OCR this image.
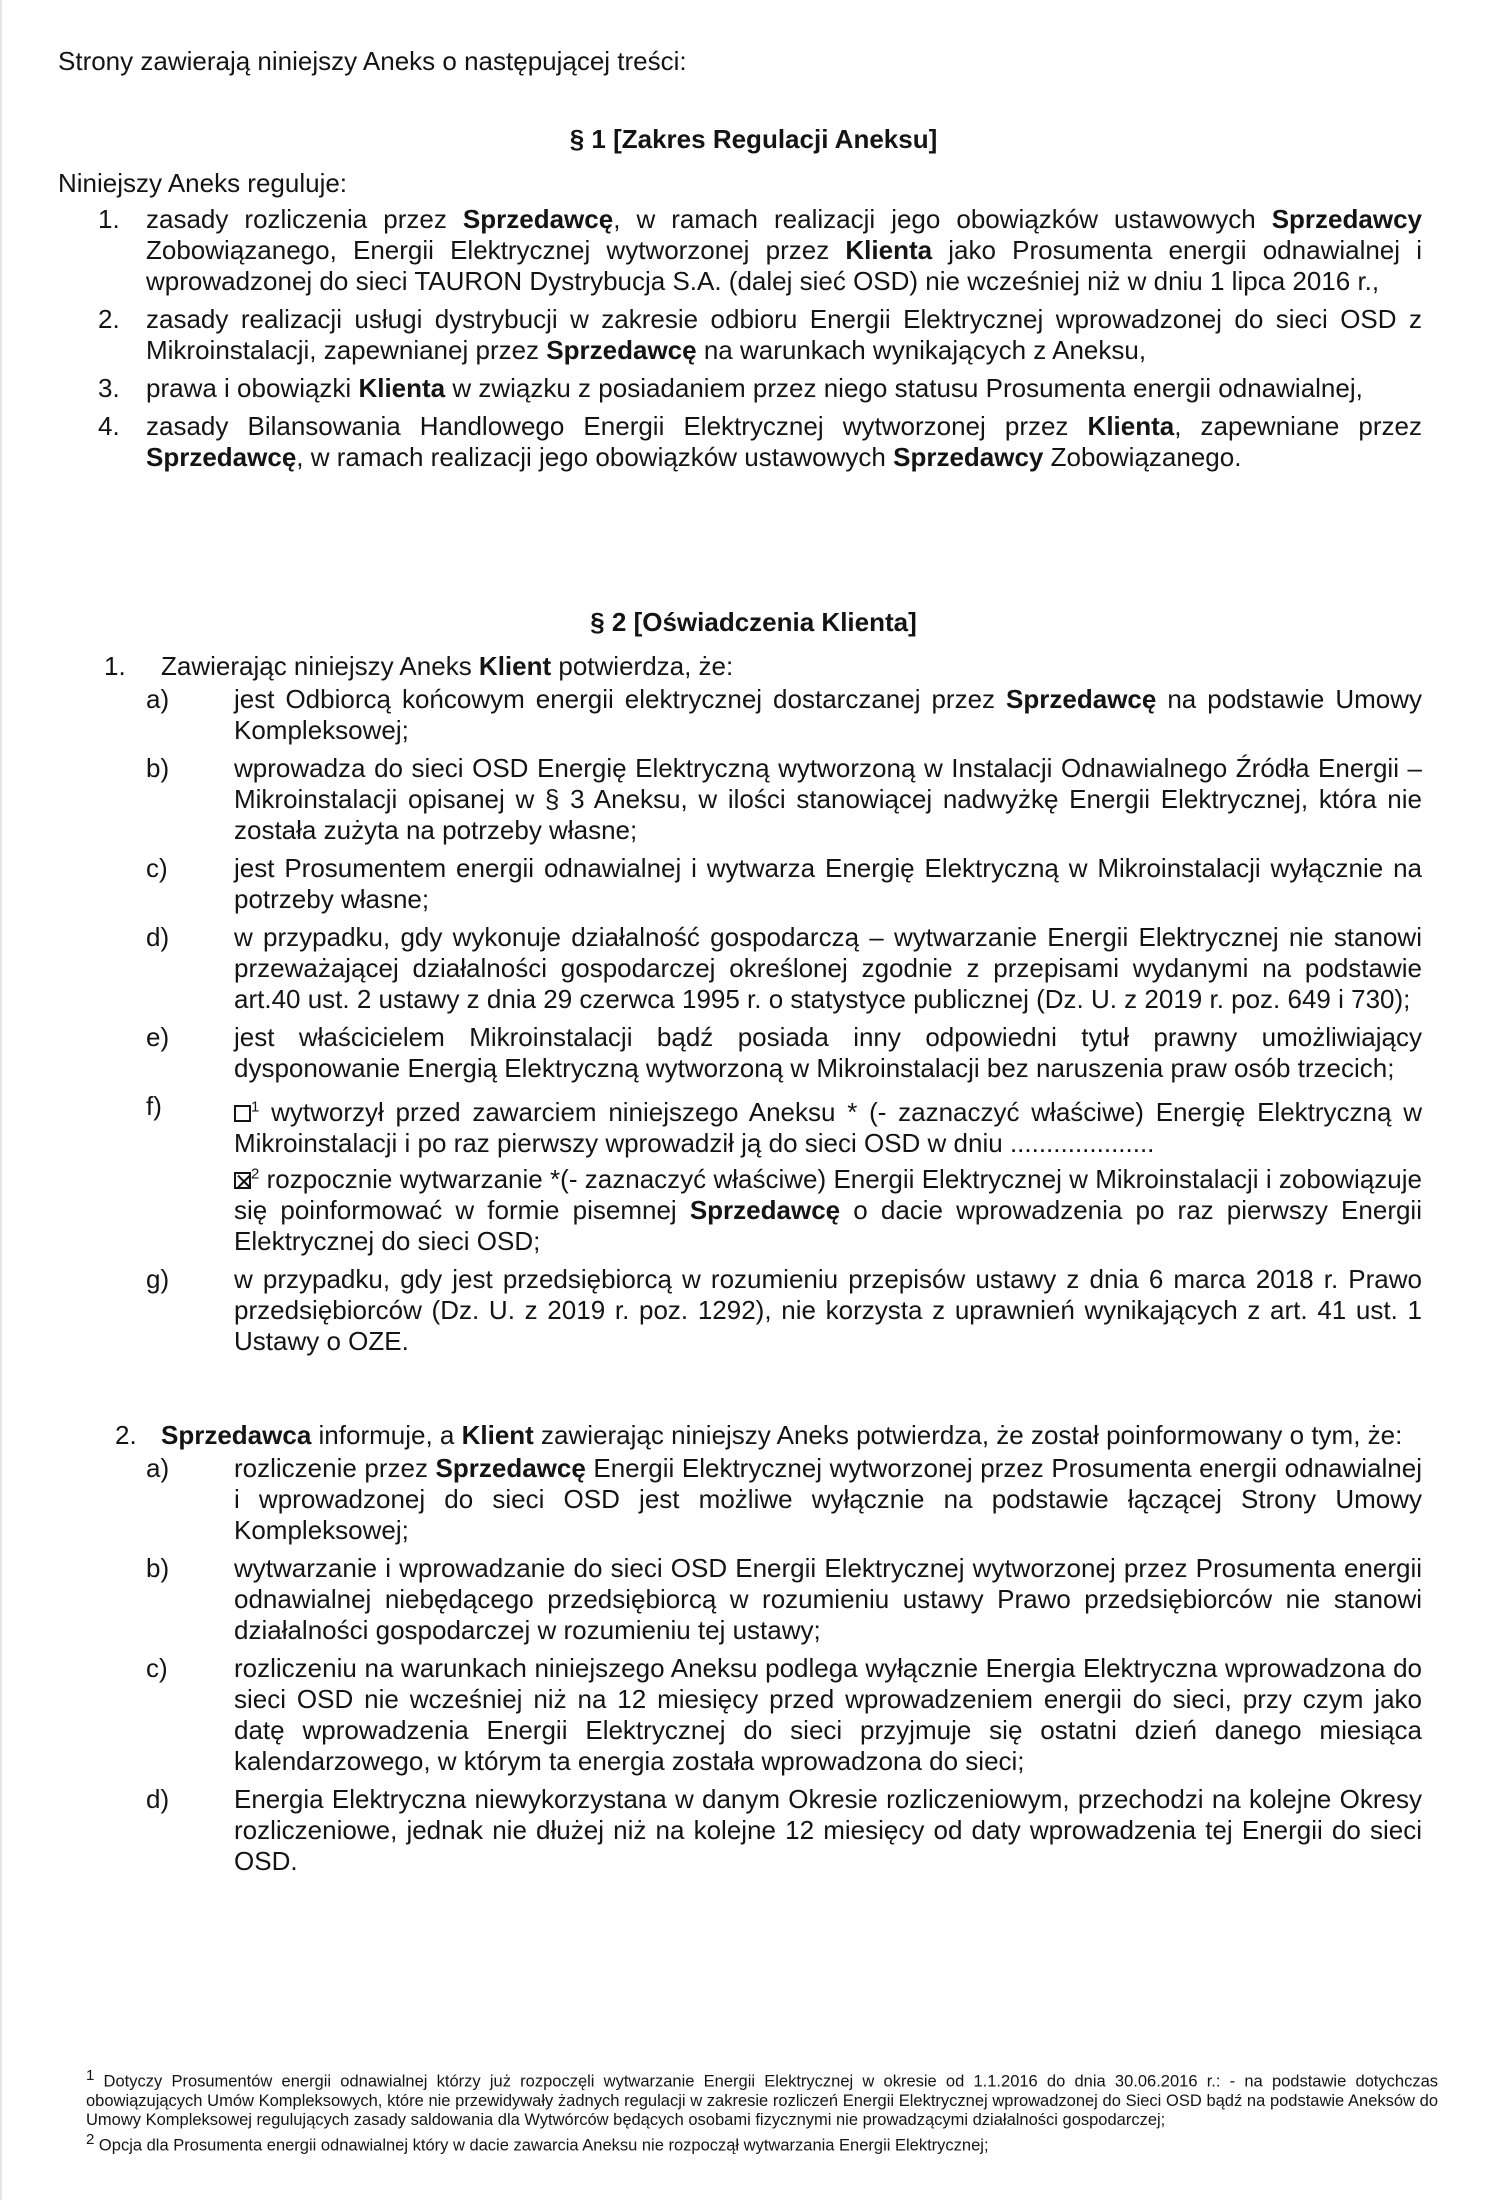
Strony zawierają niniejszy Aneks o następującej treści:
§ 1 [Zakres Regulacji Aneksu]
Niniejszy Aneks reguluje:
1. zasady rozliczenia przez Sprzedawcę, w ramach realizacji jego obowiązków ustawowych Sprzedawcy Zobowiązanego, Energii Elektrycznej wytworzonej przez Klienta jako Prosumenta energii odnawialnej i wprowadzonej do sieci TAURON Dystrybucja S.A. (dalej sieć OSD) nie wcześniej niż w dniu 1 lipca 2016 r.,
2. zasady realizacji usługi dystrybucji w zakresie odbioru Energii Elektrycznej wprowadzonej do sieci OSD z Mikroinstalacji, zapewnianej przez Sprzedawcę na warunkach wynikających z Aneksu,
3. prawa i obowiązki Klienta w związku z posiadaniem przez niego statusu Prosumenta energii odnawialnej,
4. zasady Bilansowania Handlowego Energii Elektrycznej wytworzonej przez Klienta, zapewniane przez Sprzedawcę, w ramach realizacji jego obowiązków ustawowych Sprzedawcy Zobowiązanego.
§ 2 [Oświadczenia Klienta]
1. Zawierając niniejszy Aneks Klient potwierdza, że:
a) jest Odbiorcą końcowym energii elektrycznej dostarczanej przez Sprzedawcę na podstawie Umowy Kompleksowej;
b) wprowadza do sieci OSD Energię Elektryczną wytworzoną w Instalacji Odnawialnego Źródła Energii – Mikroinstalacji opisanej w § 3 Aneksu, w ilości stanowiącej nadwyżkę Energii Elektrycznej, która nie została zużyta na potrzeby własne;
c)	jest Prosumentem energii odnawialnej i wytwarza Energię Elektryczną w Mikroinstalacji wyłącznie na potrzeby własne;
d) w przypadku, gdy wykonuje działalność gospodarczą – wytwarzanie Energii Elektrycznej nie stanowi przeważającej działalności gospodarczej określonej zgodnie z przepisami wydanymi na podstawie art.40 ust. 2 ustawy z dnia 29 czerwca 1995 r. o statystyce publicznej (Dz. U. z 2019 r. poz. 649 i 730);
e) jest właścicielem Mikroinstalacji bądź posiada inny odpowiedni tytuł prawny umożliwiający dysponowanie Energią Elektryczną wytworzoną w Mikroinstalacji bez naruszenia praw osób trzecich;
f)	$^1$ wytworzył przed zawarciem niniejszego Aneksu * (- zaznaczyć właściwe) Energię Elektryczną w Mikroinstalacji i po raz pierwszy wprowadził ją do sieci OSD w dniu ....................
$^2$ rozpocznie wytwarzanie *(- zaznaczyć właściwe) Energii Elektrycznej w Mikroinstalacji i zobowiązuje się poinformować w formie pisemnej Sprzedawcę o dacie wprowadzenia po raz pierwszy Energii Elektrycznej do sieci OSD;
g) w przypadku, gdy jest przedsiębiorcą w rozumieniu przepisów ustawy z dnia 6 marca 2018 r. Prawo przedsiębiorców (Dz. U. z 2019 r. poz. 1292), nie korzysta z uprawnień wynikających z art. 41 ust. 1 Ustawy o OZE.
2. Sprzedawca informuje, a Klient zawierając niniejszy Aneks potwierdza, że został poinformowany o tym, że:
a) rozliczenie przez Sprzedawcę Energii Elektrycznej wytworzonej przez Prosumenta energii odnawialnej i wprowadzonej do sieci OSD jest możliwe wyłącznie na podstawie łączącej Strony Umowy Kompleksowej;
b) wytwarzanie i wprowadzanie do sieci OSD Energii Elektrycznej wytworzonej przez Prosumenta energii odnawialnej niebędącego przedsiębiorcą w rozumieniu ustawy Prawo przedsiębiorców nie stanowi działalności gospodarczej w rozumieniu tej ustawy;
c)	rozliczeniu na warunkach niniejszego Aneksu podlega wyłącznie Energia Elektryczna wprowadzona do sieci OSD nie wcześniej niż na 12 miesięcy przed wprowadzeniem energii do sieci, przy czym jako datę wprowadzenia Energii Elektrycznej do sieci przyjmuje się ostatni dzień danego miesiąca kalendarzowego, w którym ta energia została wprowadzona do sieci;
d) Energia Elektryczna niewykorzystana w danym Okresie rozliczeniowym, przechodzi na kolejne Okresy rozliczeniowe, jednak nie dłużej niż na kolejne 12 miesięcy od daty wprowadzenia tej Energii do sieci OSD.

$^1$ Dotyczy Prosumentów energii odnawialnej którzy już rozpoczęli wytwarzanie Energii Elektrycznej w okresie od 1.1.2016 do dnia 30.06.2016 r.: - na podstawie dotychczas obowiązujących Umów Kompleksowych, które nie przewidywały żadnych regulacji w zakresie rozliczeń Energii Elektrycznej wprowadzonej do Sieci OSD bądź na podstawie Aneksów do Umowy Kompleksowej regulujących zasady saldowania dla Wytwórców będących osobami fizycznymi nie prowadzącymi działalności gospodarczej;

$^2$ Opcja dla Prosumenta energii odnawialnej który w dacie zawarcia Aneksu nie rozpoczął wytwarzania Energii Elektrycznej;
